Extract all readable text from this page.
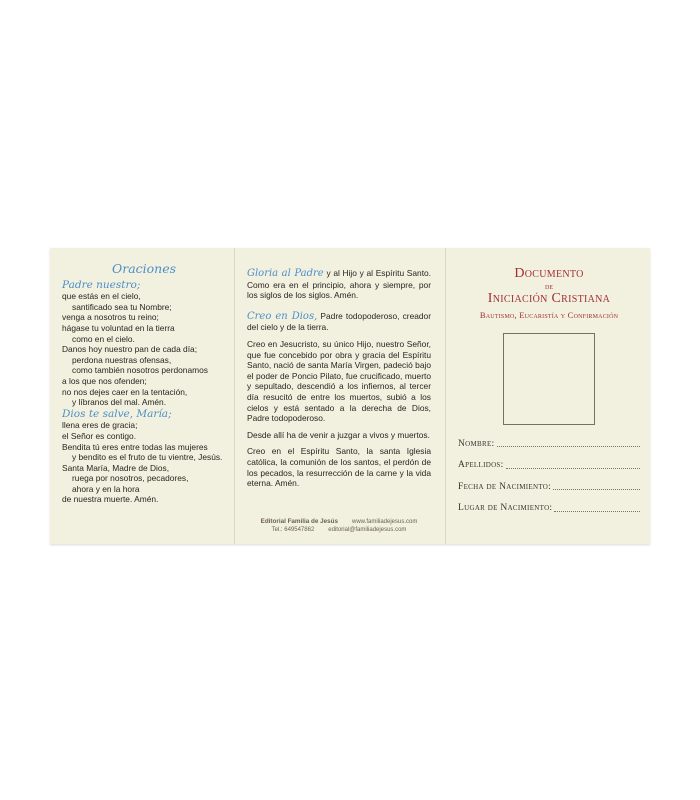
Oraciones
Padre nuestro;
que estás en el cielo,
santificado sea tu Nombre;
venga a nosotros tu reino;
hágase tu voluntad en la tierra
como en el cielo.
Danos hoy nuestro pan de cada día;
perdona nuestras ofensas,
como también nosotros perdonamos
a los que nos ofenden;
no nos dejes caer en la tentación,
y líbranos del mal. Amén.
Dios te salve, María;
llena eres de gracia;
el Señor es contigo.
Bendita tú eres entre todas las mujeres
y bendito es el fruto de tu vientre, Jesús.
Santa María, Madre de Dios,
ruega por nosotros, pecadores,
ahora y en la hora
de nuestra muerte. Amén.

Gloria al Padre y al Hijo y al Espíritu Santo. Como era en el principio, ahora y siempre, por los siglos de los siglos. Amén.

Creo en Dios, Padre todopoderoso, creador del cielo y de la tierra.

Creo en Jesucristo, su único Hijo, nuestro Señor, que fue concebido por obra y gracia del Espíritu Santo, nació de santa María Virgen, padeció bajo el poder de Poncio Pilato, fue crucificado, muerto y sepultado, descendió a los infiernos, al tercer día resucitó de entre los muertos, subió a los cielos y está sentado a la derecha de Dios, Padre todopoderoso.

Desde allí ha de venir a juzgar a vivos y muertos.

Creo en el Espíritu Santo, la santa Iglesia católica, la comunión de los santos, el perdón de los pecados, la resurrección de la carne y la vida eterna. Amén.

Editorial Familia de Jesús www.familiadejesus.com
Tel.: 649547862 editorial@familiadejesus.com
Documento
de
Iniciación Cristiana
Bautismo, Eucaristía y Confirmación
Nombre:
Apellidos:
Fecha de Nacimiento:
Lugar de Nacimiento:
